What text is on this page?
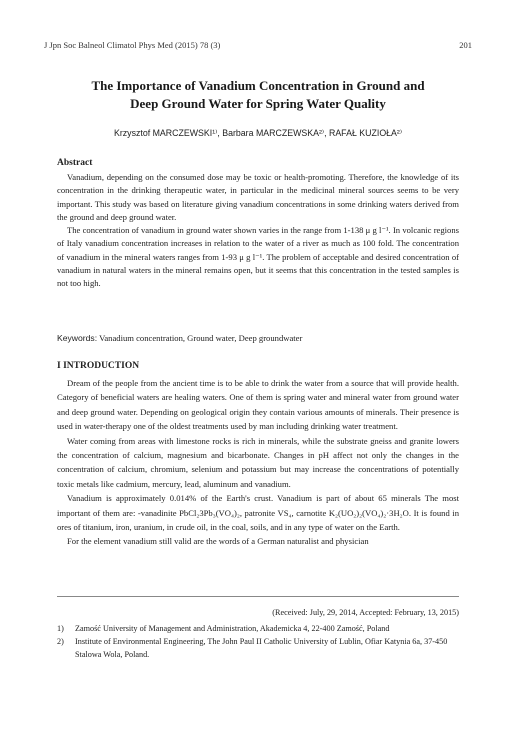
J Jpn Soc Balneol Climatol Phys Med (2015) 78 (3)	201
The Importance of Vanadium Concentration in Ground and
Deep Ground Water for Spring Water Quality
Krzysztof MARCZEWSKI¹⁾, Barbara MARCZEWSKA²⁾, RAFAŁ KUZIOŁA²⁾
Abstract

Vanadium, depending on the consumed dose may be toxic or health-promoting. Therefore, the knowledge of its concentration in the drinking therapeutic water, in particular in the medicinal mineral sources seems to be very important. This study was based on literature giving vanadium concentrations in some drinking waters derived from the ground and deep ground water.

The concentration of vanadium in ground water shown varies in the range from 1-138 μ g l⁻¹. In volcanic regions of Italy vanadium concentration increases in relation to the water of a river as much as 100 fold. The concentration of vanadium in the mineral waters ranges from 1-93 μ g l⁻¹. The problem of acceptable and desired concentration of vanadium in natural waters in the mineral remains open, but it seems that this concentration in the tested samples is not too high.

Keywords: Vanadium concentration, Ground water, Deep groundwater
I INTRODUCTION

Dream of the people from the ancient time is to be able to drink the water from a source that will provide health. Category of beneficial waters are healing waters. One of them is spring water and mineral water from ground water and deep ground water. Depending on geological origin they contain various amounts of minerals. Their presence is used in water-therapy one of the oldest treatments used by man including drinking water treatment.

Water coming from areas with limestone rocks is rich in minerals, while the substrate gneiss and granite lowers the concentration of calcium, magnesium and bicarbonate. Changes in pH affect not only the changes in the concentration of calcium, chromium, selenium and potassium but may increase the concentrations of potentially toxic metals like cadmium, mercury, lead, aluminum and vanadium.

Vanadium is approximately 0.014% of the Earth's crust. Vanadium is part of about 65 minerals The most important of them are: -vanadinite PbCl₂3Pb₃(VO₄)₂, patronite VS₄, carnotite K₂(UO₂)₂(VO₄)₂·3H₂O. It is found in ores of titanium, iron, uranium, in crude oil, in the coal, soils, and in any type of water on the Earth.

For the element vanadium still valid are the words of a German naturalist and physician

(Received: July, 29, 2014, Accepted: February, 13, 2015)
1)	Zamość University of Management and Administration, Akademicka 4, 22-400 Zamość, Poland
2)	Institute of Environmental Engineering, The John Paul II Catholic University of Lublin, Ofiar Katynia 6a, 37-450 Stalowa Wola, Poland.
